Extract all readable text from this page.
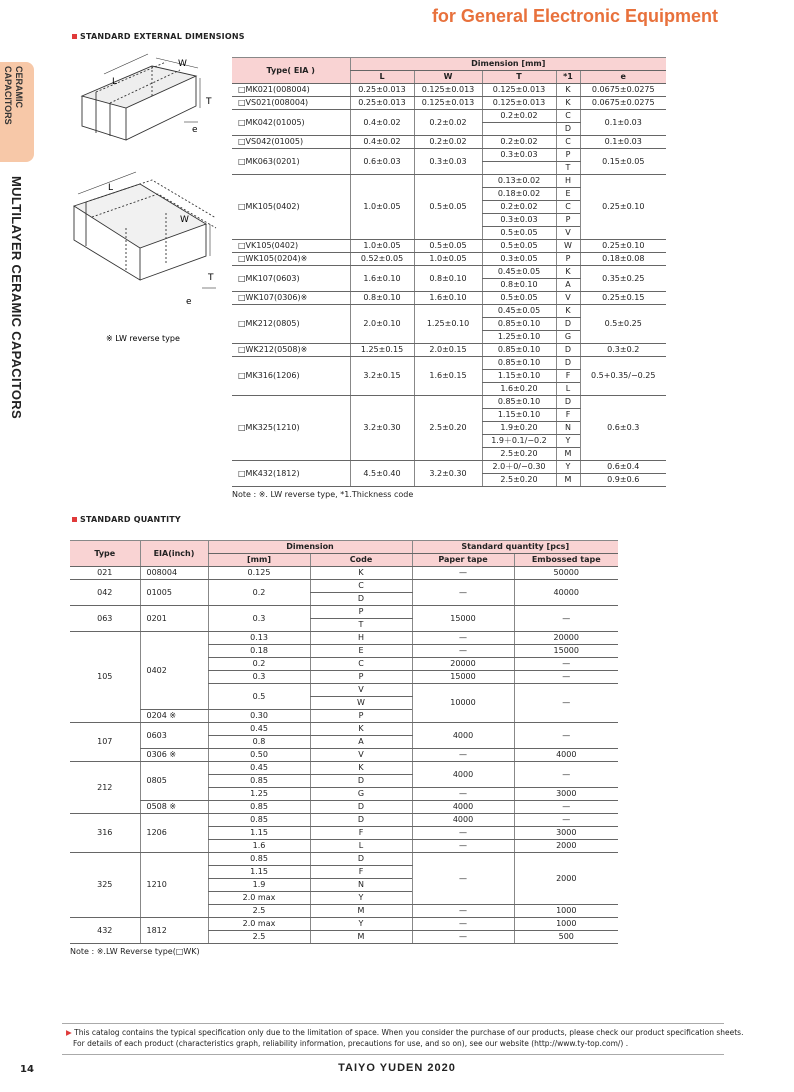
for General Electronic Equipment
CERAMIC CAPACITORS
MULTILAYER CERAMIC CAPACITORS
STANDARD EXTERNAL DIMENSIONS
L
W
T
e
L
W
T
e
※ LW reverse type
Type( EIA )	Dimension [mm]				
	L	W	T	*1	e
□MK021(008004)	0.25±0.013	0.125±0.013	0.125±0.013	K	0.0675±0.0275
□VS021(008004)	0.25±0.013	0.125±0.013	0.125±0.013	K	0.0675±0.0275
□MK042(01005)	0.4±0.02	0.2±0.02	0.2±0.02	C	0.1±0.03
				D	
□VS042(01005)	0.4±0.02	0.2±0.02	0.2±0.02	C	0.1±0.03
□MK063(0201)	0.6±0.03	0.3±0.03	0.3±0.03	P	0.15±0.05
				T	
□MK105(0402)	1.0±0.05	0.5±0.05	0.13±0.02	H	0.25±0.10
			0.18±0.02	E	
			0.2±0.02	C	
			0.3±0.03	P	
			0.5±0.05	V	
□VK105(0402)	1.0±0.05	0.5±0.05	0.5±0.05	W	0.25±0.10
□WK105(0204)※	0.52±0.05	1.0±0.05	0.3±0.05	P	0.18±0.08
□MK107(0603)	1.6±0.10	0.8±0.10	0.45±0.05	K	0.35±0.25
			0.8±0.10	A	
□WK107(0306)※	0.8±0.10	1.6±0.10	0.5±0.05	V	0.25±0.15
□MK212(0805)	2.0±0.10	1.25±0.10	0.45±0.05	K	0.5±0.25
			0.85±0.10	D	
			1.25±0.10	G	
□WK212(0508)※	1.25±0.15	2.0±0.15	0.85±0.10	D	0.3±0.2
□MK316(1206)	3.2±0.15	1.6±0.15	0.85±0.10	D	0.5+0.35/−0.25
			1.15±0.10	F	
			1.6±0.20	L	
□MK325(1210)	3.2±0.30	2.5±0.20	0.85±0.10	D	0.6±0.3
			1.15±0.10	F	
			1.9±0.20	N	
			1.9＋0.1/−0.2	Y	
			2.5±0.20	M	
□MK432(1812)	4.5±0.40	3.2±0.30	2.0＋0/−0.30	Y	0.6±0.4
			2.5±0.20	M	0.9±0.6
Note : ※. LW reverse type, *1.Thickness code
STANDARD QUANTITY
Type	EIA(inch)	Dimension		Standard quantity [pcs]	
		[mm]	Code	Paper tape	Embossed tape
021	008004	0.125	K	—	50000
042	01005	0.2	C	—	40000
			D		
063	0201	0.3	P	15000	—
			T		
105	0402	0.13	H	—	20000
		0.18	E	—	15000
		0.2	C	20000	—
		0.3	P	15000	—
		0.5	V	10000	—
			W		
	0204 ※	0.30	P		
107	0603	0.45	K	4000	—
		0.8	A		
	0306 ※	0.50	V	—	4000
212	0805	0.45	K	4000	—
		0.85	D		
		1.25	G	—	3000
	0508 ※	0.85	D	4000	—
316	1206	0.85	D	4000	—
		1.15	F	—	3000
		1.6	L	—	2000
325	1210	0.85	D	—	2000
		1.15	F		
		1.9	N		
		2.0 max	Y		
		2.5	M	—	1000
432	1812	2.0 max	Y	—	1000
		2.5	M	—	500
Note : ※.LW Reverse type(□WK)
▶ This catalog contains the typical specification only due to the limitation of space. When you consider the purchase of our products, please check our product specification sheets.
For details of each product (characteristics graph, reliability information, precautions for use, and so on), see our website (http://www.ty-top.com/) .
14	TAIYO YUDEN 2020
